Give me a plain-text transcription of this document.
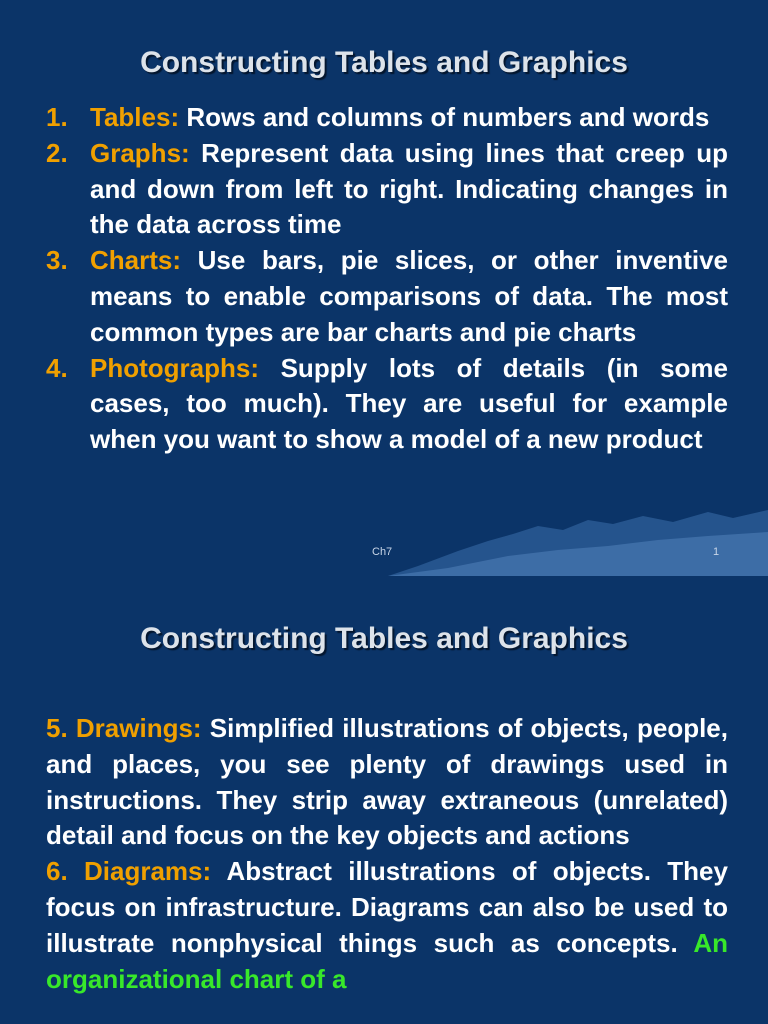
Constructing Tables and Graphics
1. Tables: Rows and columns of numbers and words
2. Graphs: Represent data using lines that creep up and down from left to right. Indicating changes in the data across time
3. Charts: Use bars, pie slices, or other inventive means to enable comparisons of data. The most common types are bar charts and pie charts
4. Photographs: Supply lots of details (in some cases, too much). They are useful for example when you want to show a model of a new product
Ch7	1
Constructing Tables and Graphics

5. Drawings: Simplified illustrations of objects, people, and places, you see plenty of drawings used in instructions. They strip away extraneous (unrelated) detail and focus on the key objects and actions

6. Diagrams: Abstract illustrations of objects. They focus on infrastructure. Diagrams can also be used to illustrate nonphysical things such as concepts. An organizational chart of a
